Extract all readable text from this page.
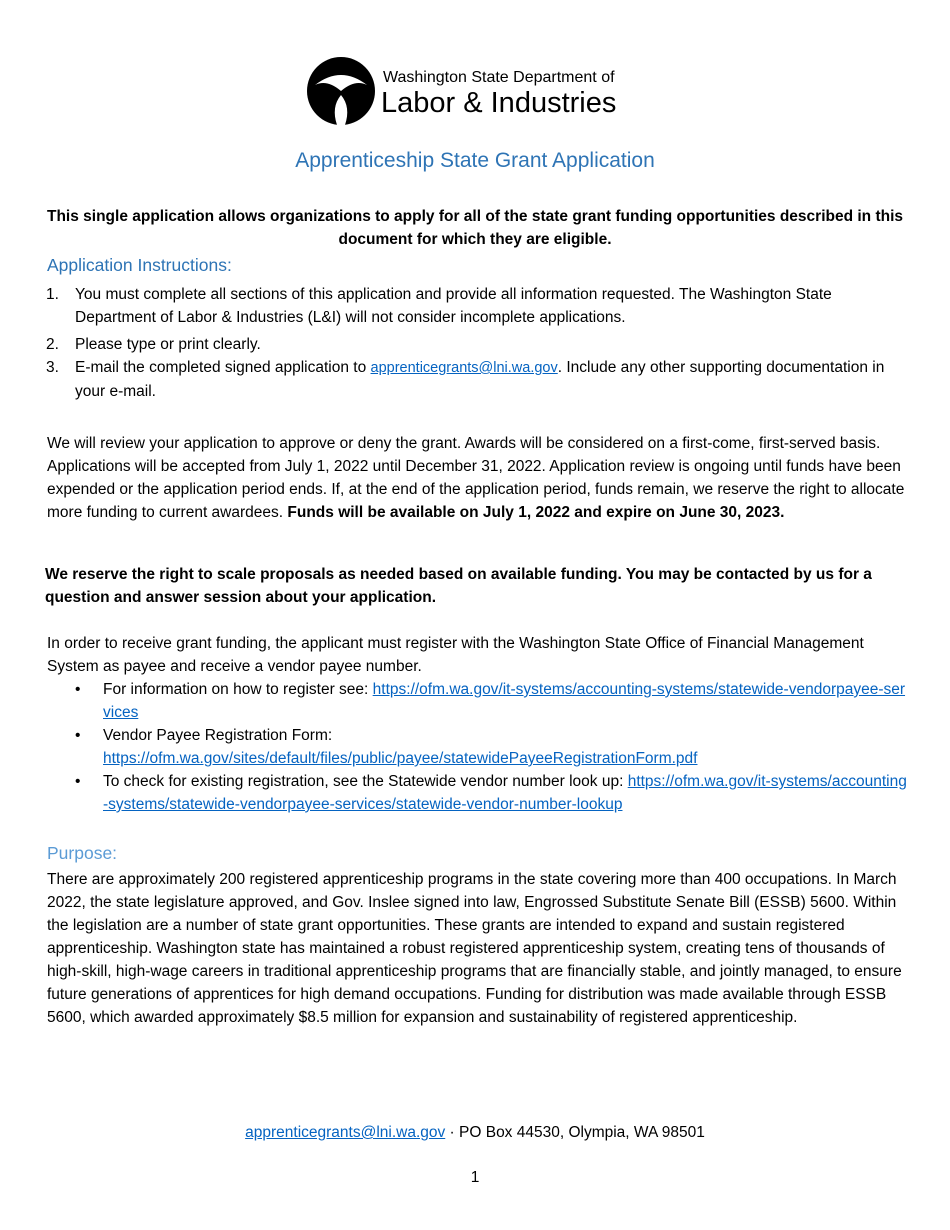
Washington State Department of
Labor & Industries
Apprenticeship State Grant Application
This single application allows organizations to apply for all of the state grant funding opportunities described in this document for which they are eligible.
Application Instructions:
1. You must complete all sections of this application and provide all information requested. The Washington State Department of Labor & Industries (L&I) will not consider incomplete applications.
2. Please type or print clearly.
3. E-mail the completed signed application to apprenticegrants@lni.wa.gov. Include any other supporting documentation in your e-mail.
We will review your application to approve or deny the grant. Awards will be considered on a first-come, first-served basis. Applications will be accepted from July 1, 2022 until December 31, 2022. Application review is ongoing until funds have been expended or the application period ends. If, at the end of the application period, funds remain, we reserve the right to allocate more funding to current awardees. Funds will be available on July 1, 2022 and expire on June 30, 2023.
We reserve the right to scale proposals as needed based on available funding. You may be contacted by us for a question and answer session about your application.
In order to receive grant funding, the applicant must register with the Washington State Office of Financial Management System as payee and receive a vendor payee number.
• For information on how to register see: https://ofm.wa.gov/it-systems/accounting-systems/statewide-vendorpayee-services
• Vendor Payee Registration Form:
https://ofm.wa.gov/sites/default/files/public/payee/statewidePayeeRegistrationForm.pdf
• To check for existing registration, see the Statewide vendor number look up: https://ofm.wa.gov/it-systems/accounting-systems/statewide-vendorpayee-services/statewide-vendor-number-lookup
Purpose:
There are approximately 200 registered apprenticeship programs in the state covering more than 400 occupations. In March 2022, the state legislature approved, and Gov. Inslee signed into law, Engrossed Substitute Senate Bill (ESSB) 5600. Within the legislation are a number of state grant opportunities. These grants are intended to expand and sustain registered apprenticeship. Washington state has maintained a robust registered apprenticeship system, creating tens of thousands of high-skill, high-wage careers in traditional apprenticeship programs that are financially stable, and jointly managed, to ensure future generations of apprentices for high demand occupations. Funding for distribution was made available through ESSB 5600, which awarded approximately $8.5 million for expansion and sustainability of registered apprenticeship.
apprenticegrants@lni.wa.gov · PO Box 44530, Olympia, WA 98501
1
